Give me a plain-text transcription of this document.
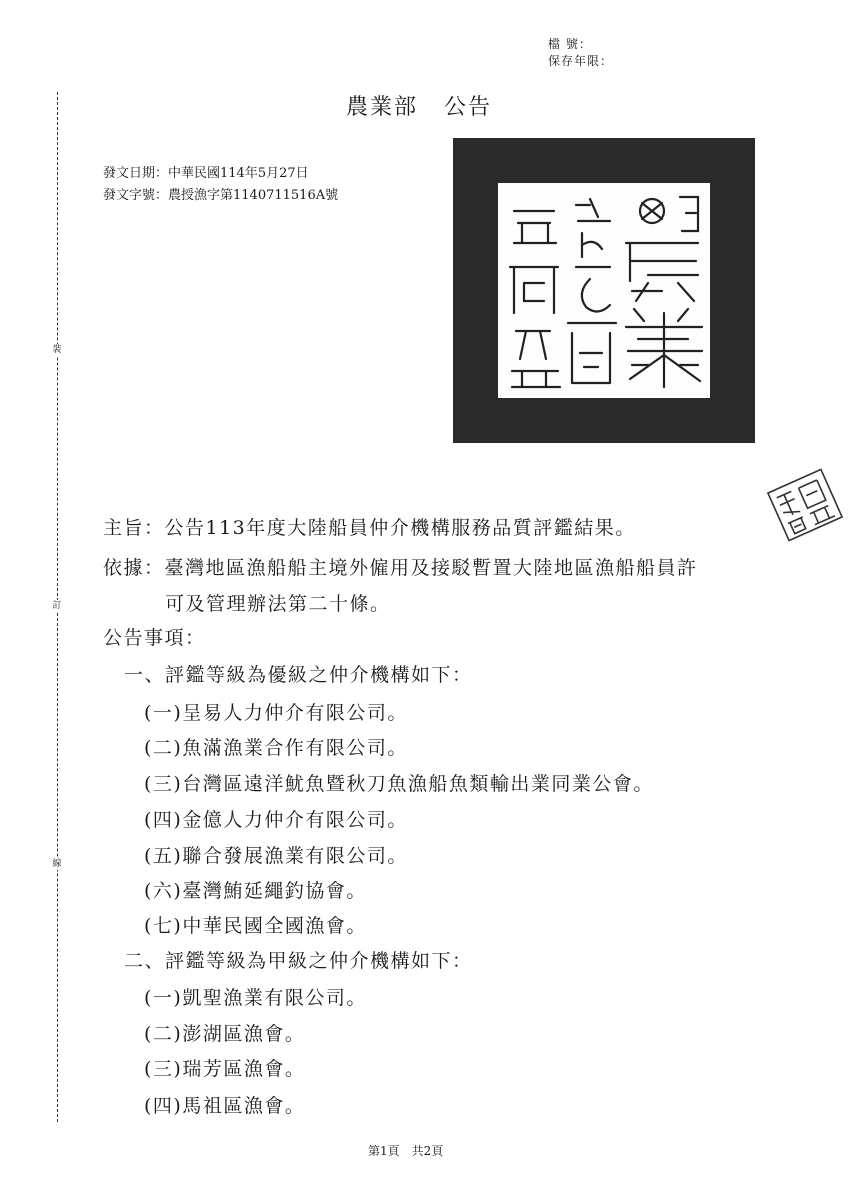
裝
訂
線
檔 號：
保存年限：
農業部 公告
發文日期：中華民國114年5月27日
發文字號：農授漁字第1140711516A號
主旨：公告113年度大陸船員仲介機構服務品質評鑑結果。
依據：臺灣地區漁船船主境外僱用及接駁暫置大陸地區漁船船員許
可及管理辦法第二十條。
公告事項：
一、評鑑等級為優級之仲介機構如下：
(一)呈易人力仲介有限公司。
(二)魚滿漁業合作有限公司。
(三)台灣區遠洋魷魚暨秋刀魚漁船魚類輸出業同業公會。
(四)金億人力仲介有限公司。
(五)聯合發展漁業有限公司。
(六)臺灣鮪延繩釣協會。
(七)中華民國全國漁會。
二、評鑑等級為甲級之仲介機構如下：
(一)凱聖漁業有限公司。
(二)澎湖區漁會。
(三)瑞芳區漁會。
(四)馬祖區漁會。
第1頁　共2頁
